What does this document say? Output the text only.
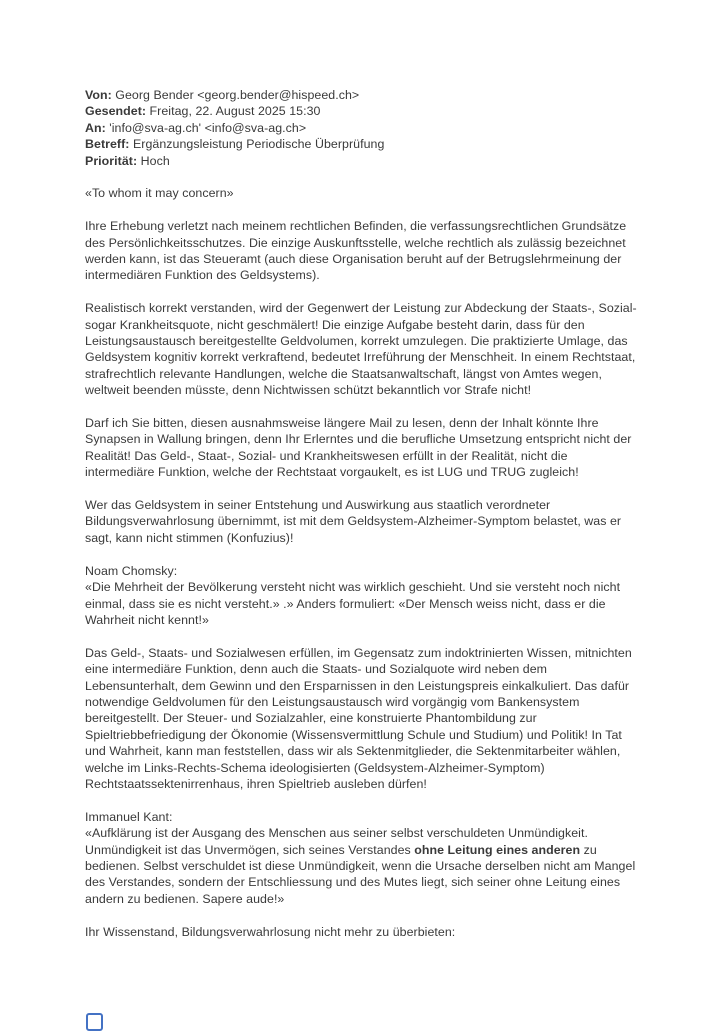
Von: Georg Bender <georg.bender@hispeed.ch>
Gesendet: Freitag, 22. August 2025 15:30
An: 'info@sva-ag.ch' <info@sva-ag.ch>
Betreff: Ergänzungsleistung Periodische Überprüfung
Priorität: Hoch

«To whom it may concern»

Ihre Erhebung verletzt nach meinem rechtlichen Befinden, die verfassungsrechtlichen Grundsätze des Persönlichkeitsschutzes. Die einzige Auskunftsstelle, welche rechtlich als zulässig bezeichnet werden kann, ist das Steueramt (auch diese Organisation beruht auf der Betrugslehrmeinung der intermediären Funktion des Geldsystems).

Realistisch korrekt verstanden, wird der Gegenwert der Leistung zur Abdeckung der Staats-, Sozial- sogar Krankheitsquote, nicht geschmälert! Die einzige Aufgabe besteht darin, dass für den Leistungsaustausch bereitgestellte Geldvolumen, korrekt umzulegen. Die praktizierte Umlage, das Geldsystem kognitiv korrekt verkraftend, bedeutet Irreführung der Menschheit. In einem Rechtstaat, strafrechtlich relevante Handlungen, welche die Staatsanwaltschaft, längst von Amtes wegen, weltweit beenden müsste, denn Nichtwissen schützt bekanntlich vor Strafe nicht!

Darf ich Sie bitten, diesen ausnahmsweise längere Mail zu lesen, denn der Inhalt könnte Ihre Synapsen in Wallung bringen, denn Ihr Erlerntes und die berufliche Umsetzung entspricht nicht der Realität! Das Geld-, Staat-, Sozial- und Krankheitswesen erfüllt in der Realität, nicht die intermediäre Funktion, welche der Rechtstaat vorgaukelt, es ist LUG und TRUG zugleich!

Wer das Geldsystem in seiner Entstehung und Auswirkung aus staatlich verordneter Bildungsverwahrlosung übernimmt, ist mit dem Geldsystem-Alzheimer-Symptom belastet, was er sagt, kann nicht stimmen (Konfuzius)!

Noam Chomsky:
«Die Mehrheit der Bevölkerung versteht nicht was wirklich geschieht. Und sie versteht noch nicht einmal, dass sie es nicht versteht.» .» Anders formuliert: «Der Mensch weiss nicht, dass er die Wahrheit nicht kennt!»

Das Geld-, Staats- und Sozialwesen erfüllen, im Gegensatz zum indoktrinierten Wissen, mitnichten eine intermediäre Funktion, denn auch die Staats- und Sozialquote wird neben dem Lebensunterhalt, dem Gewinn und den Ersparnissen in den Leistungspreis einkalkuliert. Das dafür notwendige Geldvolumen für den Leistungsaustausch wird vorgängig vom Bankensystem bereitgestellt. Der Steuer- und Sozialzahler, eine konstruierte Phantombildung zur Spieltriebbefriedigung der Ökonomie (Wissensvermittlung Schule und Studium) und Politik! In Tat und Wahrheit, kann man feststellen, dass wir als Sektenmitglieder, die Sektenmitarbeiter wählen, welche im Links-Rechts-Schema ideologisierten (Geldsystem-Alzheimer-Symptom) Rechtstaatssektenirrenhaus, ihren Spieltrieb ausleben dürfen!

Immanuel Kant:
«Aufklärung ist der Ausgang des Menschen aus seiner selbst verschuldeten Unmündigkeit. Unmündigkeit ist das Unvermögen, sich seines Verstandes ohne Leitung eines anderen zu bedienen. Selbst verschuldet ist diese Unmündigkeit, wenn die Ursache derselben nicht am Mangel des Verstandes, sondern der Entschliessung und des Mutes liegt, sich seiner ohne Leitung eines andern zu bedienen. Sapere aude!»

Ihr Wissenstand, Bildungsverwahrlosung nicht mehr zu überbieten:
